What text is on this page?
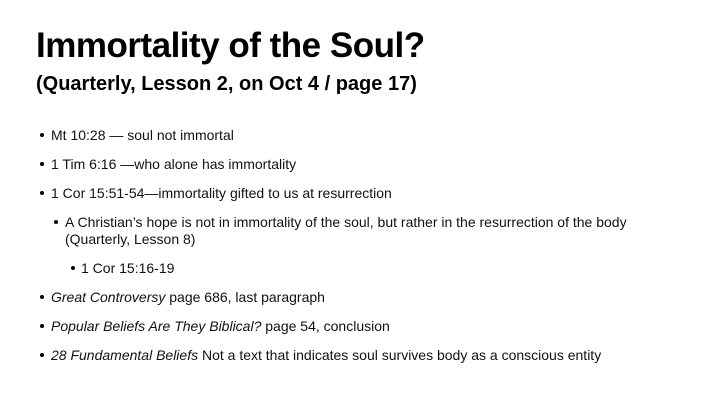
Immortality of the Soul?
(Quarterly, Lesson 2, on Oct 4 / page 17)
Mt 10:28 — soul not immortal
1 Tim 6:16 —who alone has immortality
1 Cor 15:51-54—immortality gifted to us at resurrection
A Christian’s hope is not in immortality of the soul, but rather in the resurrection of the body
(Quarterly, Lesson 8)
1 Cor 15:16-19
Great Controversy page 686, last paragraph
Popular Beliefs Are They Biblical? page 54, conclusion
28 Fundamental Beliefs Not a text that indicates soul survives body as a conscious entity
